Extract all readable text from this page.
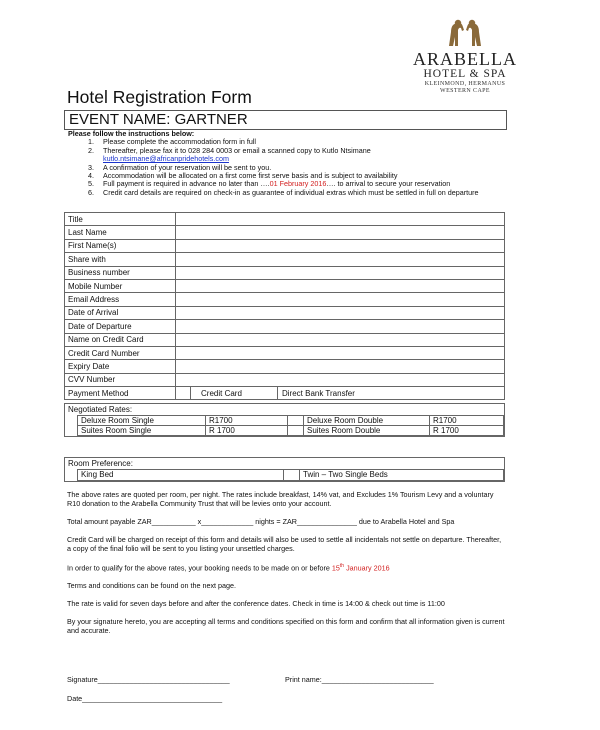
ARABELLA
HOTEL & SPA
KLEINMOND, HERMANUS
WESTERN CAPE
Hotel Registration Form
EVENT NAME: GARTNER
Please follow the instructions below:
1. Please complete the accommodation form in full
2. Thereafter, please fax it to 028 284 0003 or email a scanned copy to Kutlo Ntsimane
kutlo.ntsimane@africanpridehotels.com
3. A confirmation of your reservation will be sent to you.
4. Accommodation will be allocated on a first come first serve basis and is subject to availability
5. Full payment is required in advance no later than ….01 February 2016…. to arrival to secure your reservation
6. Credit card details are required on check-in as guarantee of individual extras which must be settled in full on departure
Title	
Last Name	
First Name(s)	
Share with	
Business number	
Mobile Number	
Email Address	
Date of Arrival	
Date of Departure	
Name on Credit Card	
Credit Card Number	
Expiry Date	
CVV Number	
Payment Method	Credit Card Direct Bank Transfer
Negotiated Rates:
Deluxe Room Single	R1700		Deluxe Room Double	R1700
Suites Room Single	R 1700		Suites Room Double	R 1700
Room Preference:
King Bed		Twin – Two Single Beds

The above rates are quoted per room, per night. The rates include breakfast, 14% vat, and Excludes 1% Tourism Levy and a voluntary R10 donation to the Arabella Community Trust that will be levies onto your account.

Total amount payable ZAR___________ x_____________ nights = ZAR_______________ due to Arabella Hotel and Spa

Credit Card will be charged on receipt of this form and details will also be used to settle all incidentals not settle on departure. Thereafter, a copy of the final folio will be sent to you listing your unsettled charges.

In order to qualify for the above rates, your booking needs to be made on or before 15th January 2016

Terms and conditions can be found on the next page.

The rate is valid for seven days before and after the conference dates. Check in time is 14:00 & check out time is 11:00

By your signature hereto, you are accepting all terms and conditions specified on this form and confirm that all information given is current and accurate.

Signature_________________________________	Print name:____________________________
Date___________________________________
